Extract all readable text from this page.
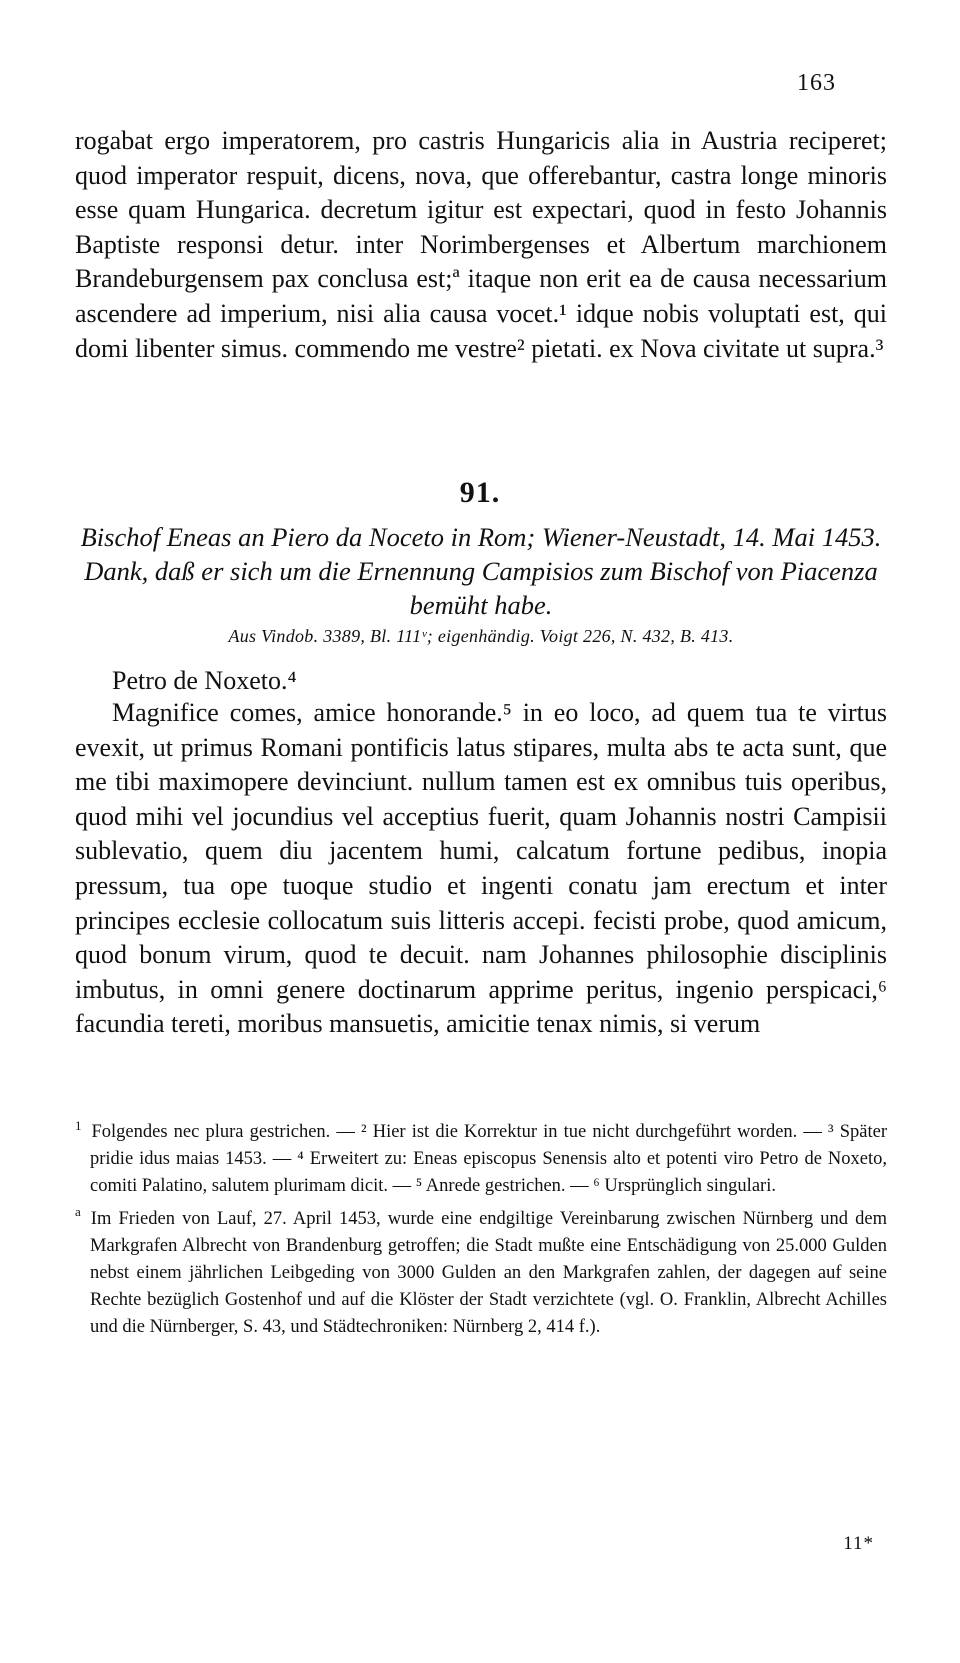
163

rogabat ergo imperatorem, pro castris Hungaricis alia in Austria reciperet; quod imperator respuit, dicens, nova, que offerebantur, castra longe minoris esse quam Hungarica. decretum igitur est expectari, quod in festo Johannis Baptiste responsi detur. inter Norimbergenses et Albertum marchionem Brandeburgensem pax conclusa est;ª itaque non erit ea de causa necessarium ascendere ad imperium, nisi alia causa vocet.¹ idque nobis voluptati est, qui domi libenter simus. commendo me vestre² pietati. ex Nova civitate ut supra.³

91.
Bischof Eneas an Piero da Noceto in Rom; Wiener-Neustadt, 14. Mai 1453. Dank, daß er sich um die Ernennung Campisios zum Bischof von Piacenza bemüht habe.
Aus Vindob. 3389, Bl. 111ᵛ; eigenhändig. Voigt 226, N. 432, B. 413.
Petro de Noxeto.⁴

Magnifice comes, amice honorande.⁵ in eo loco, ad quem tua te virtus evexit, ut primus Romani pontificis latus stipares, multa abs te acta sunt, que me tibi maximopere devinciunt. nullum tamen est ex omnibus tuis operibus, quod mihi vel jocundius vel acceptius fuerit, quam Johannis nostri Campisii sublevatio, quem diu jacentem humi, calcatum fortune pedibus, inopia pressum, tua ope tuoque studio et ingenti conatu jam erectum et inter principes ecclesie collocatum suis litteris accepi. fecisti probe, quod amicum, quod bonum virum, quod te decuit. nam Johannes philosophie disciplinis imbutus, in omni genere doctinarum apprime peritus, ingenio perspicaci,⁶ facundia tereti, moribus mansuetis, amicitie tenax nimis, si verum

$^1$ Folgendes nec plura gestrichen. — ² Hier ist die Korrektur in tue nicht durchgeführt worden. — ³ Später pridie idus maias 1453. — ⁴ Erweitert zu: Eneas episcopus Senensis alto et potenti viro Petro de Noxeto, comiti Palatino, salutem plurimam dicit. — ⁵ Anrede gestrichen. — ⁶ Ursprünglich singulari.

$^a$ Im Frieden von Lauf, 27. April 1453, wurde eine endgiltige Vereinbarung zwischen Nürnberg und dem Markgrafen Albrecht von Brandenburg getroffen; die Stadt mußte eine Entschädigung von 25.000 Gulden nebst einem jährlichen Leibgeding von 3000 Gulden an den Markgrafen zahlen, der dagegen auf seine Rechte bezüglich Gostenhof und auf die Klöster der Stadt verzichtete (vgl. O. Franklin, Albrecht Achilles und die Nürnberger, S. 43, und Städtechroniken: Nürnberg 2, 414 f.).

11*
